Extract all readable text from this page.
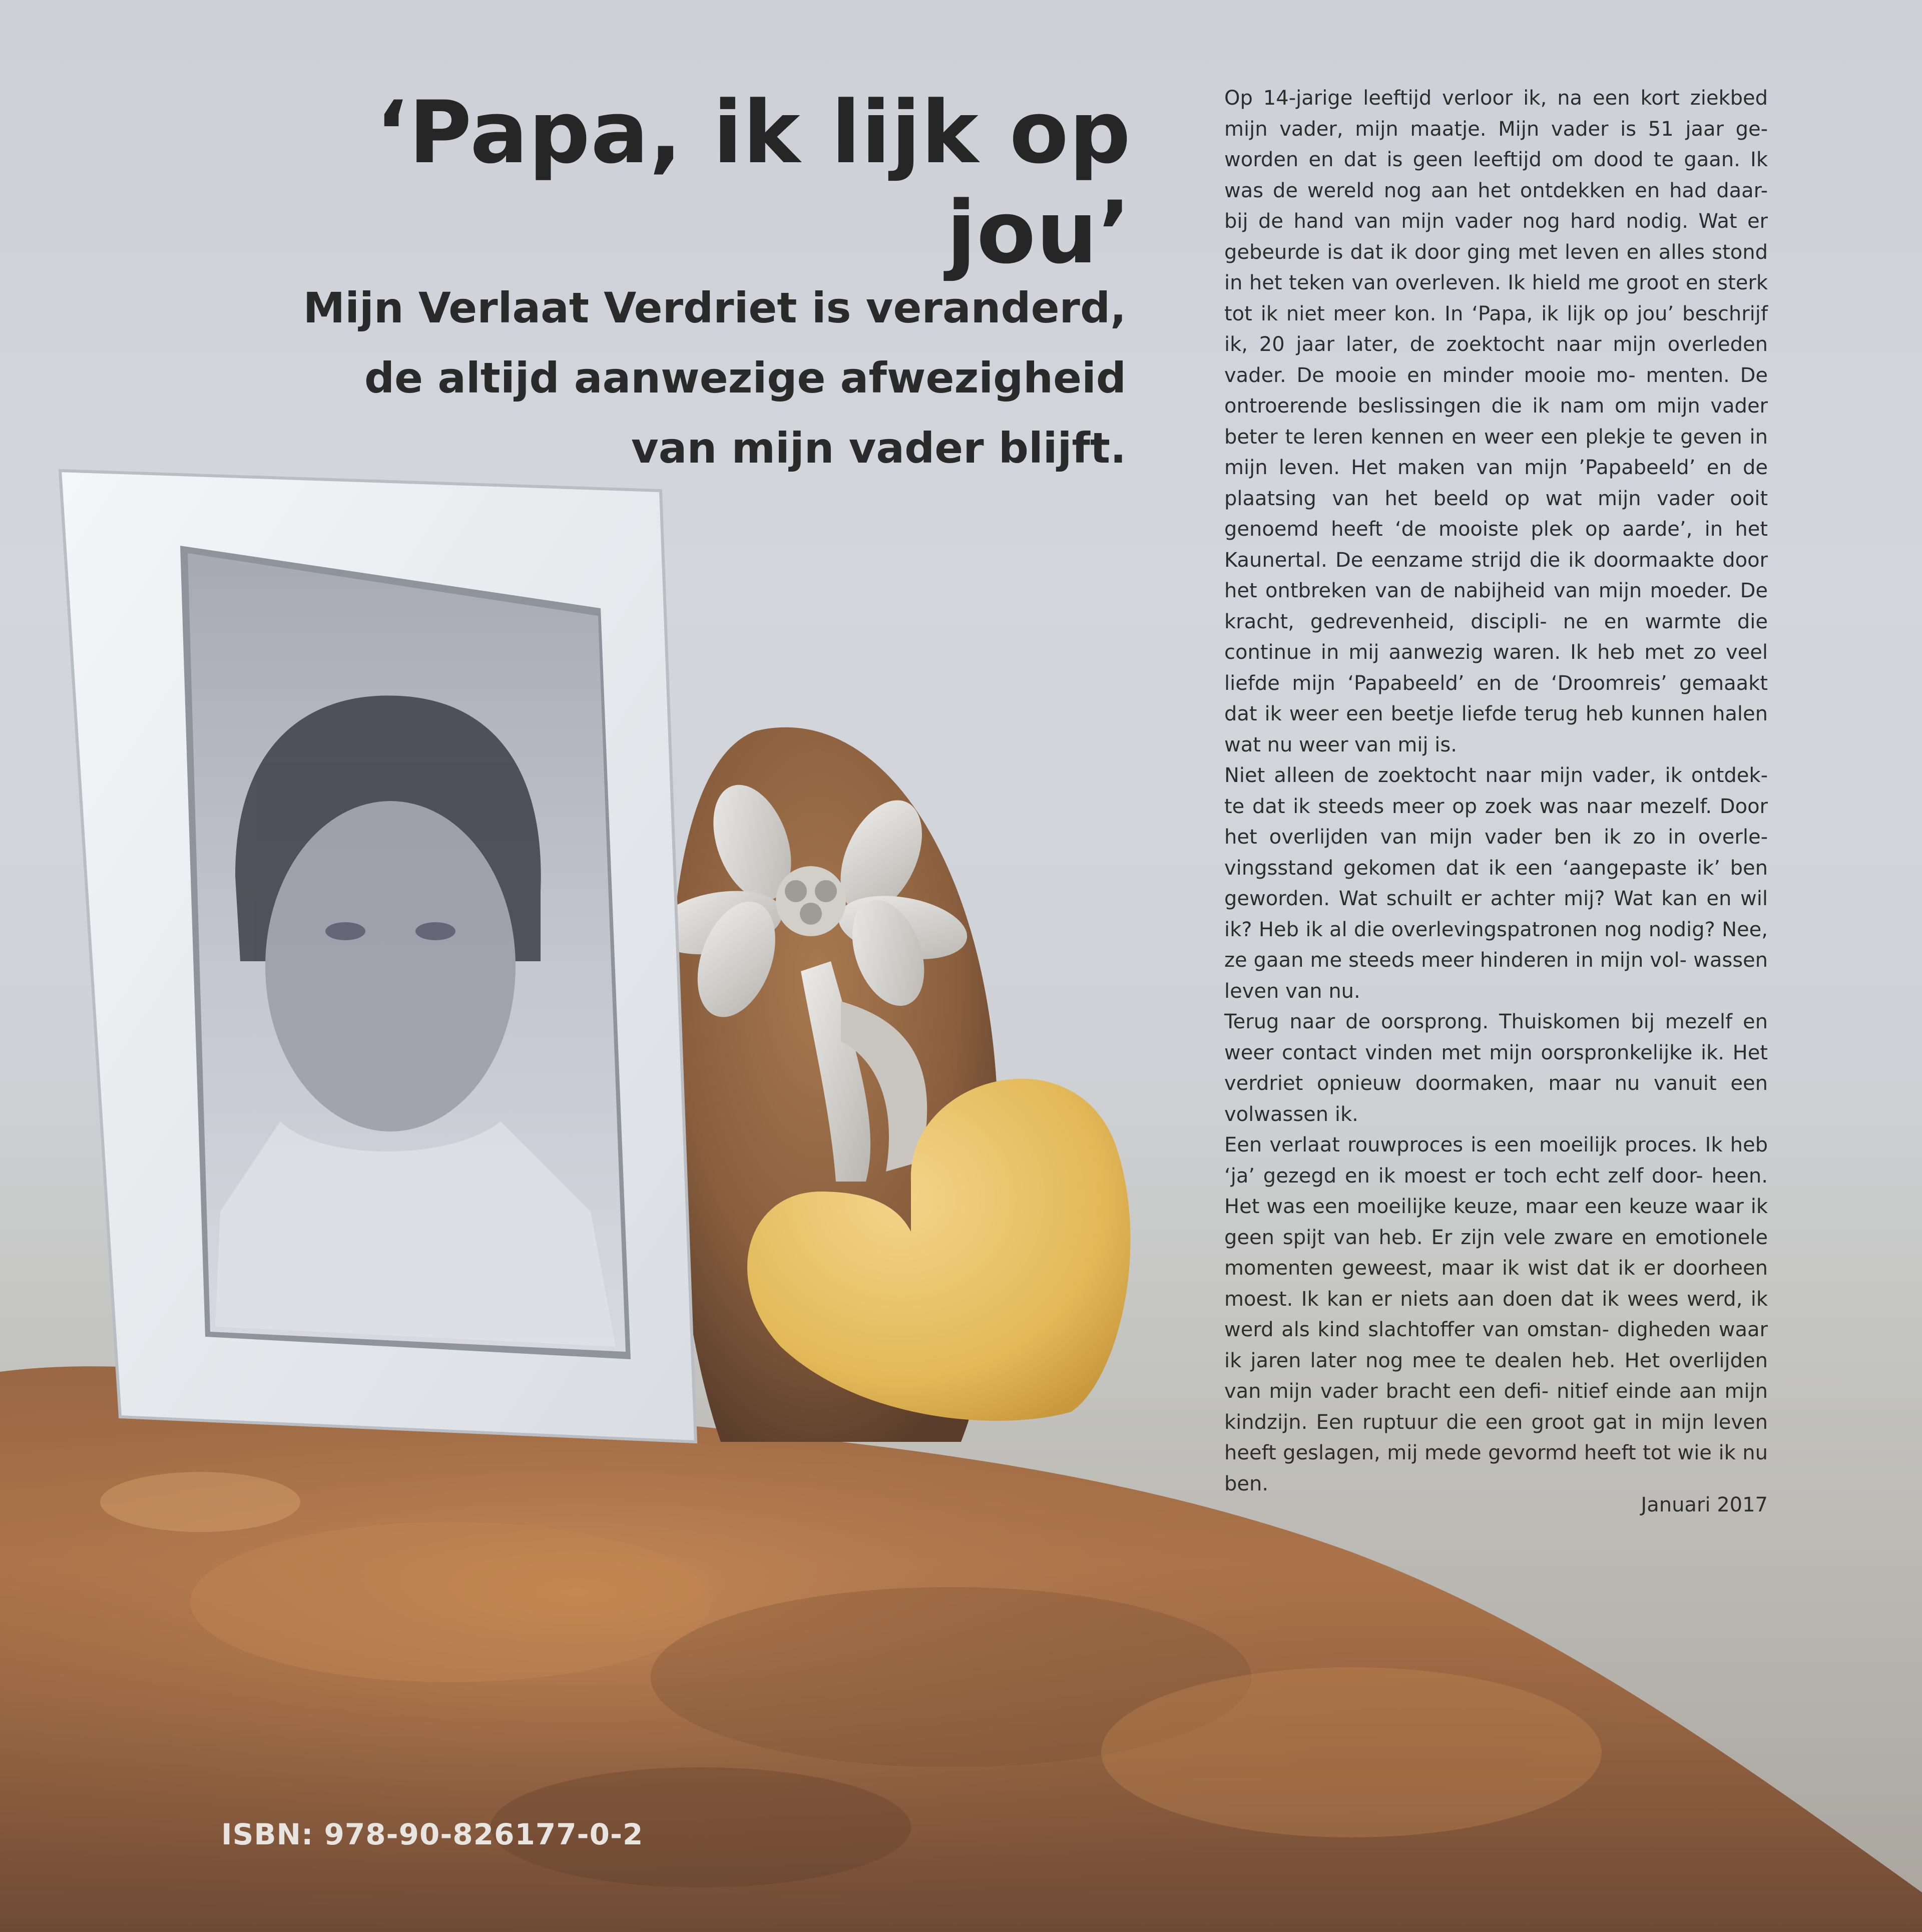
‘Papa, ik lijk op jou’
Mijn Verlaat Verdriet is veranderd,
de altijd aanwezige afwezigheid
van mijn vader blijft.

Op 14-jarige leeftijd verloor ik, na een kort ziekbed mijn vader, mijn maatje. Mijn vader is 51 jaar ge- worden en dat is geen leeftijd om dood te gaan. Ik was de wereld nog aan het ontdekken en had daar- bij de hand van mijn vader nog hard nodig. Wat er gebeurde is dat ik door ging met leven en alles stond in het teken van overleven. Ik hield me groot en sterk tot ik niet meer kon. In ‘Papa, ik lijk op jou’ beschrijf ik, 20 jaar later, de zoektocht naar mijn overleden vader. De mooie en minder mooie mo- menten. De ontroerende beslissingen die ik nam om mijn vader beter te leren kennen en weer een plekje te geven in mijn leven. Het maken van mijn ’Papabeeld’ en de plaatsing van het beeld op wat mijn vader ooit genoemd heeft ‘de mooiste plek op aarde’, in het Kaunertal. De eenzame strijd die ik doormaakte door het ontbreken van de nabijheid van mijn moeder. De kracht, gedrevenheid, discipli- ne en warmte die continue in mij aanwezig waren. Ik heb met zo veel liefde mijn ‘Papabeeld’ en de ‘Droomreis’ gemaakt dat ik weer een beetje liefde terug heb kunnen halen wat nu weer van mij is.

Niet alleen de zoektocht naar mijn vader, ik ontdek- te dat ik steeds meer op zoek was naar mezelf. Door het overlijden van mijn vader ben ik zo in overle- vingsstand gekomen dat ik een ‘aangepaste ik’ ben geworden. Wat schuilt er achter mij? Wat kan en wil ik? Heb ik al die overlevingspatronen nog nodig? Nee, ze gaan me steeds meer hinderen in mijn vol- wassen leven van nu.

Terug naar de oorsprong. Thuiskomen bij mezelf en weer contact vinden met mijn oorspronkelijke ik. Het verdriet opnieuw doormaken, maar nu vanuit een volwassen ik.

Een verlaat rouwproces is een moeilijk proces. Ik heb ‘ja’ gezegd en ik moest er toch echt zelf door- heen. Het was een moeilijke keuze, maar een keuze waar ik geen spijt van heb. Er zijn vele zware en emotionele momenten geweest, maar ik wist dat ik er doorheen moest. Ik kan er niets aan doen dat ik wees werd, ik werd als kind slachtoffer van omstan- digheden waar ik jaren later nog mee te dealen heb. Het overlijden van mijn vader bracht een defi- nitief einde aan mijn kindzijn. Een ruptuur die een groot gat in mijn leven heeft geslagen, mij mede gevormd heeft tot wie ik nu ben.

Januari 2017
ISBN: 978-90-826177-0-2
